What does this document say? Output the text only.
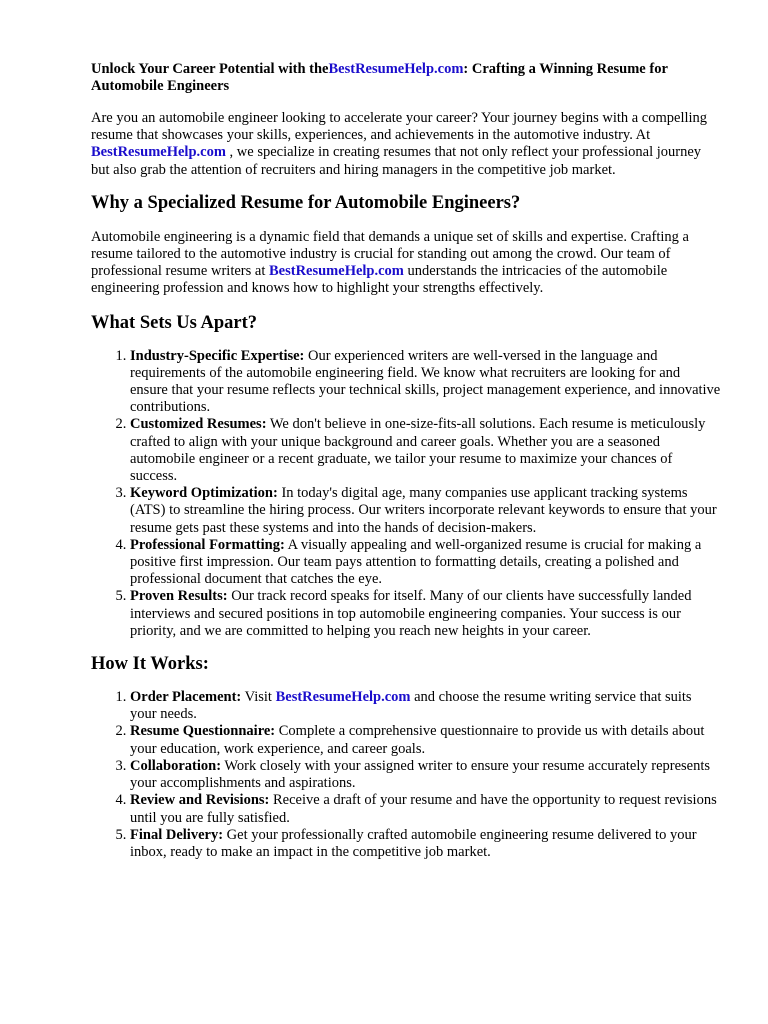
Unlock Your Career Potential with theBestResumeHelp.com: Crafting a Winning Resume for Automobile Engineers

Are you an automobile engineer looking to accelerate your career? Your journey begins with a compelling resume that showcases your skills, experiences, and achievements in the automotive industry. At BestResumeHelp.com , we specialize in creating resumes that not only reflect your professional journey but also grab the attention of recruiters and hiring managers in the competitive job market.

Why a Specialized Resume for Automobile Engineers?

Automobile engineering is a dynamic field that demands a unique set of skills and expertise. Crafting a resume tailored to the automotive industry is crucial for standing out among the crowd. Our team of professional resume writers at BestResumeHelp.com understands the intricacies of the automobile engineering profession and knows how to highlight your strengths effectively.

What Sets Us Apart?
1. Industry-Specific Expertise: Our experienced writers are well-versed in the language and requirements of the automobile engineering field. We know what recruiters are looking for and ensure that your resume reflects your technical skills, project management experience, and innovative contributions.
2. Customized Resumes: We don't believe in one-size-fits-all solutions. Each resume is meticulously crafted to align with your unique background and career goals. Whether you are a seasoned automobile engineer or a recent graduate, we tailor your resume to maximize your chances of success.
3. Keyword Optimization: In today's digital age, many companies use applicant tracking systems (ATS) to streamline the hiring process. Our writers incorporate relevant keywords to ensure that your resume gets past these systems and into the hands of decision-makers.
4. Professional Formatting: A visually appealing and well-organized resume is crucial for making a positive first impression. Our team pays attention to formatting details, creating a polished and professional document that catches the eye.
5. Proven Results: Our track record speaks for itself. Many of our clients have successfully landed interviews and secured positions in top automobile engineering companies. Your success is our priority, and we are committed to helping you reach new heights in your career.
How It Works:
1. Order Placement: Visit BestResumeHelp.com and choose the resume writing service that suits your needs.
2. Resume Questionnaire: Complete a comprehensive questionnaire to provide us with details about your education, work experience, and career goals.
3. Collaboration: Work closely with your assigned writer to ensure your resume accurately represents your accomplishments and aspirations.
4. Review and Revisions: Receive a draft of your resume and have the opportunity to request revisions until you are fully satisfied.
5. Final Delivery: Get your professionally crafted automobile engineering resume delivered to your inbox, ready to make an impact in the competitive job market.
